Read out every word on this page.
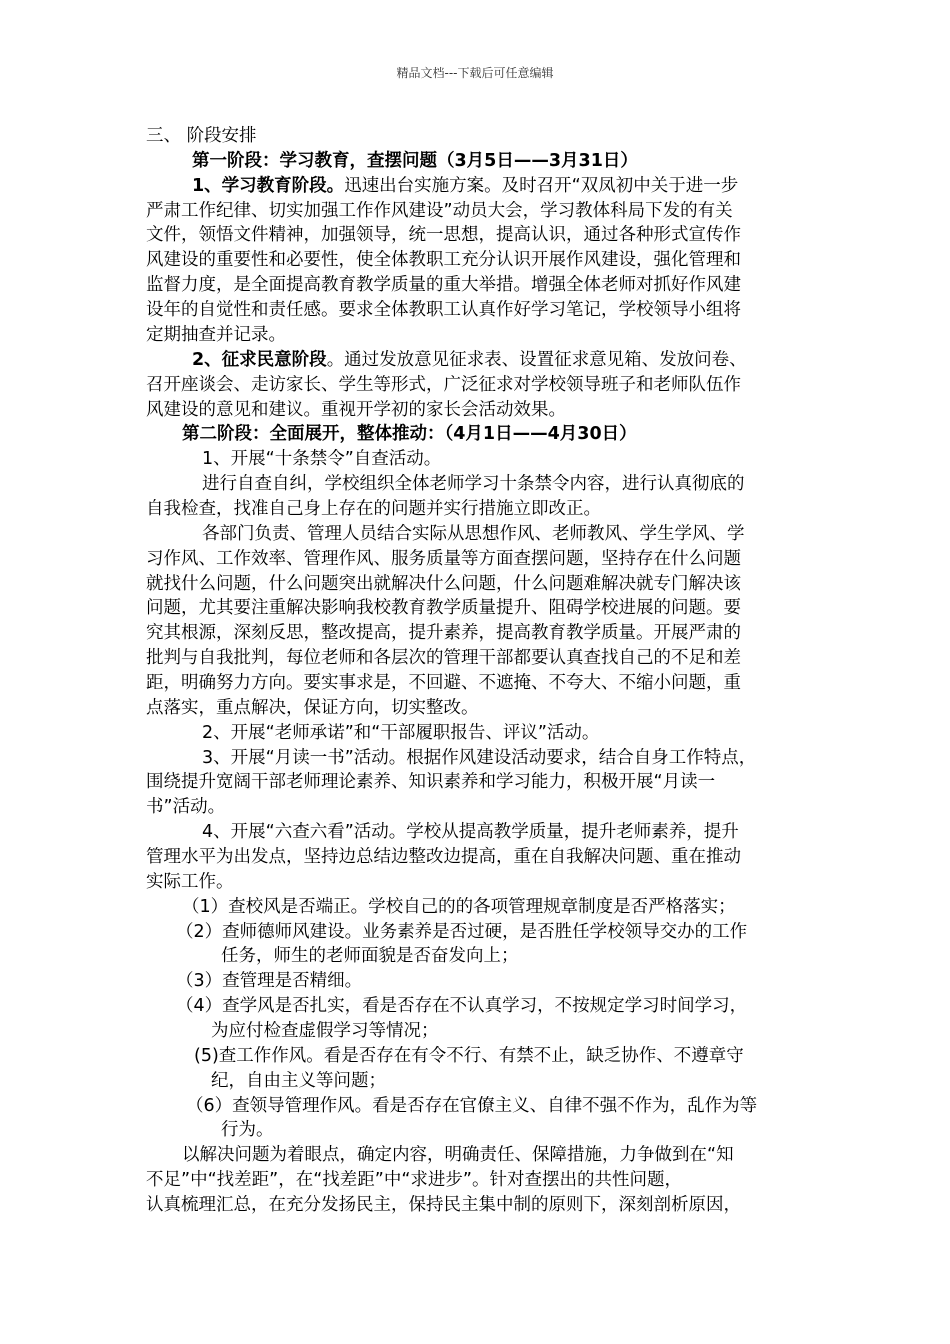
精品文档---下载后可任意编辑
三、 阶段安排
第一阶段：学习教育，查摆问题（3月5日——3月31日）
1、学习教育阶段。迅速出台实施方案。及时召开“双凤初中关于进一步
严肃工作纪律、切实加强工作作风建设”动员大会，学习教体科局下发的有关
文件，领悟文件精神，加强领导，统一思想，提高认识，通过各种形式宣传作
风建设的重要性和必要性，使全体教职工充分认识开展作风建设，强化管理和
监督力度，是全面提高教育教学质量的重大举措。增强全体老师对抓好作风建
设年的自觉性和责任感。要求全体教职工认真作好学习笔记，学校领导小组将
定期抽查并记录。
2、征求民意阶段。通过发放意见征求表、设置征求意见箱、发放问卷、
召开座谈会、走访家长、学生等形式，广泛征求对学校领导班子和老师队伍作
风建设的意见和建议。重视开学初的家长会活动效果。
第二阶段：全面展开，整体推动：（4月1日——4月30日）
1、开展“十条禁令”自查活动。
进行自查自纠，学校组织全体老师学习十条禁令内容，进行认真彻底的
自我检查，找准自己身上存在的问题并实行措施立即改正。
各部门负责、管理人员结合实际从思想作风、老师教风、学生学风、学
习作风、工作效率、管理作风、服务质量等方面查摆问题，坚持存在什么问题
就找什么问题，什么问题突出就解决什么问题，什么问题难解决就专门解决该
问题，尤其要注重解决影响我校教育教学质量提升、阻碍学校进展的问题。要
究其根源，深刻反思，整改提高，提升素养，提高教育教学质量。开展严肃的
批判与自我批判，每位老师和各层次的管理干部都要认真查找自己的不足和差
距，明确努力方向。要实事求是，不回避、不遮掩、不夸大、不缩小问题，重
点落实，重点解决，保证方向，切实整改。
2、开展“老师承诺”和“干部履职报告、评议”活动。
3、开展“月读一书”活动。根据作风建设活动要求，结合自身工作特点，
围绕提升宽阔干部老师理论素养、知识素养和学习能力，积极开展“月读一
书”活动。
4、开展“六查六看”活动。学校从提高教学质量，提升老师素养，提升
管理水平为出发点，坚持边总结边整改边提高，重在自我解决问题、重在推动
实际工作。
（1）查校风是否端正。学校自己的的各项管理规章制度是否严格落实；
（2）查师德师风建设。业务素养是否过硬，是否胜任学校领导交办的工作
任务，师生的老师面貌是否奋发向上；
（3）查管理是否精细。
（4）查学风是否扎实，看是否存在不认真学习，不按规定学习时间学习，
为应付检查虚假学习等情况；
(5)查工作作风。看是否存在有令不行、有禁不止，缺乏协作、不遵章守
纪，自由主义等问题；
（6）查领导管理作风。看是否存在官僚主义、自律不强不作为，乱作为等
行为。
以解决问题为着眼点，确定内容，明确责任、保障措施，力争做到在“知
不足”中“找差距”，在“找差距”中“求进步”。针对查摆出的共性问题，
认真梳理汇总，在充分发扬民主，保持民主集中制的原则下，深刻剖析原因，
